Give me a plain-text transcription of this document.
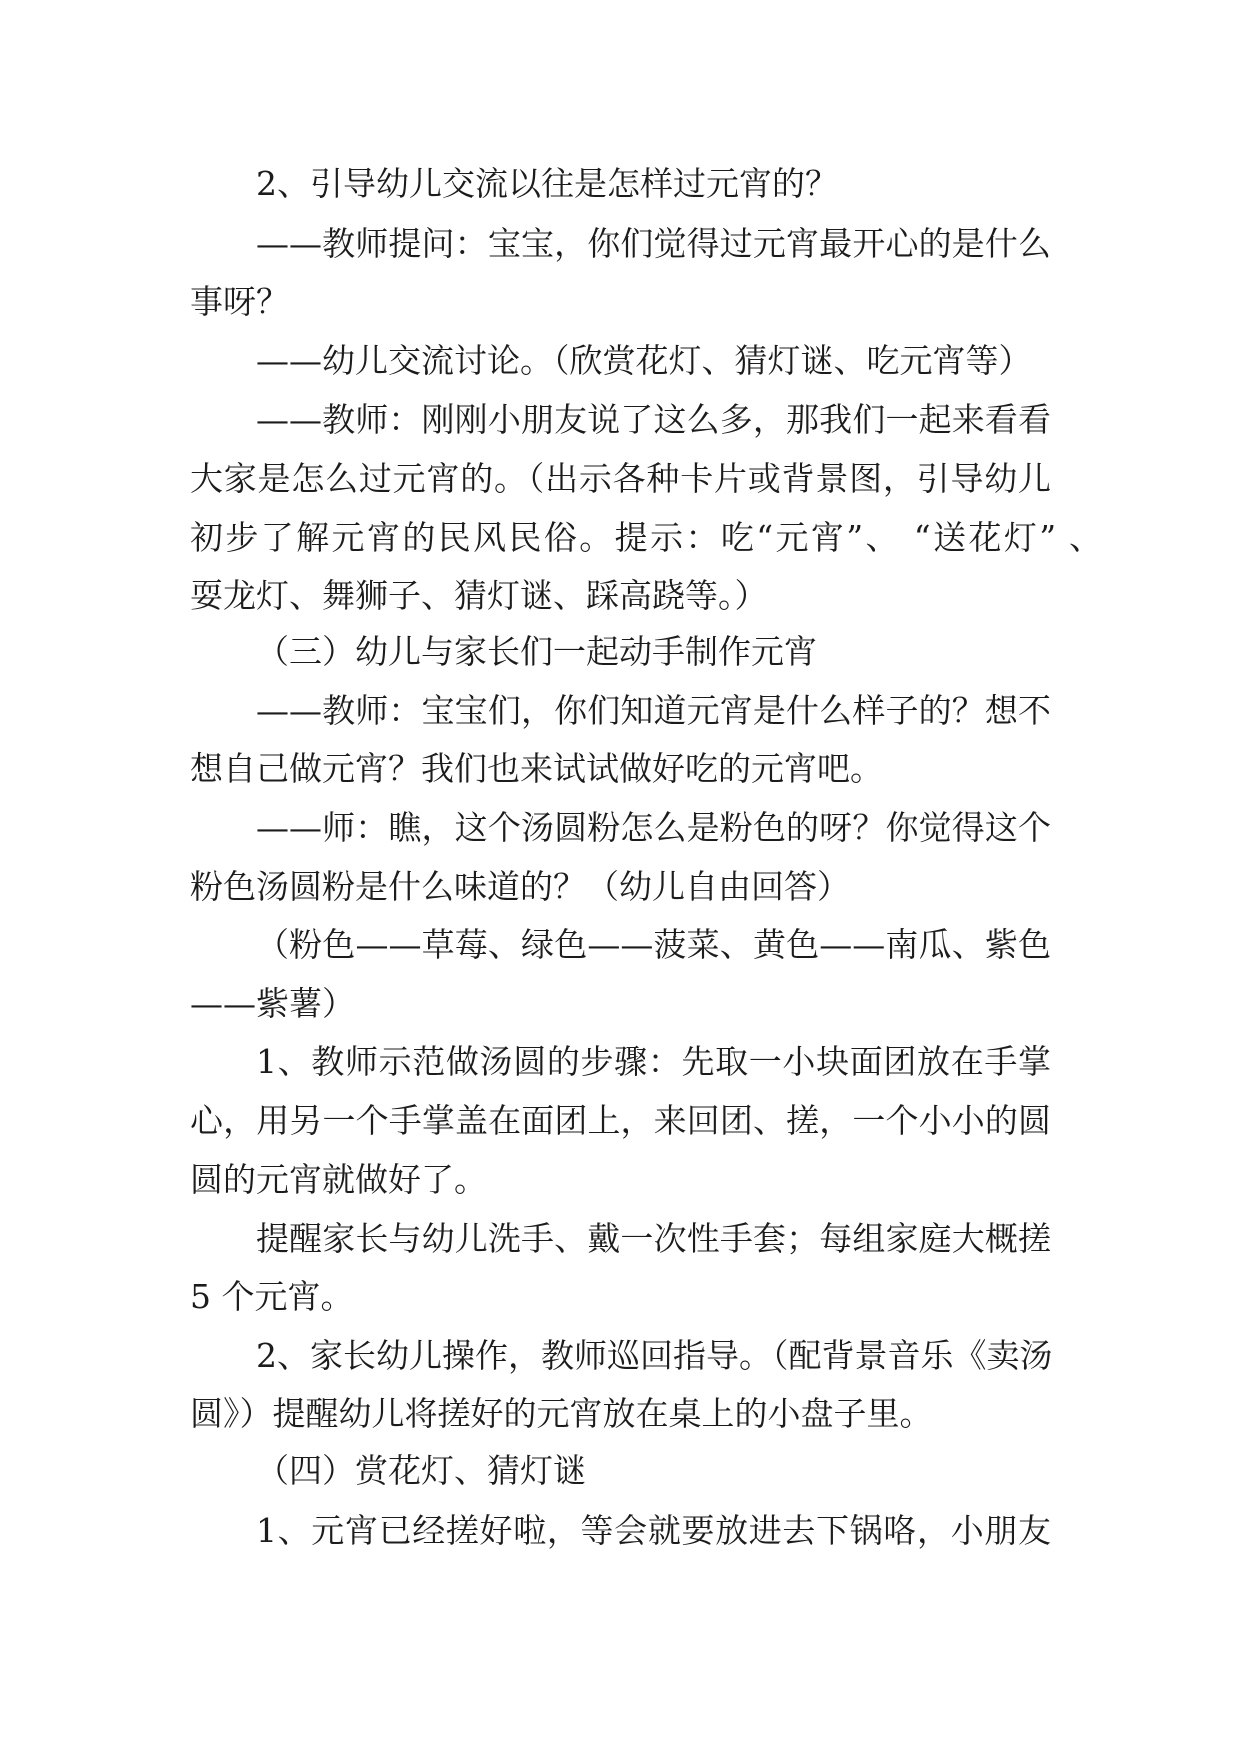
2、引导幼儿交流以往是怎样过元宵的？
——教师提问：宝宝，你们觉得过元宵最开心的是什么
事呀？
——幼儿交流讨论。（欣赏花灯、猜灯谜、吃元宵等）
——教师：刚刚小朋友说了这么多，那我们一起来看看
大家是怎么过元宵的。（出示各种卡片或背景图，引导幼儿
初步了解元宵的民风民俗。提示：吃“元宵”、 “送花灯” 、
耍龙灯、舞狮子、猜灯谜、踩高跷等。）
（三）幼儿与家长们一起动手制作元宵
——教师：宝宝们，你们知道元宵是什么样子的？想不
想自己做元宵？我们也来试试做好吃的元宵吧。
——师：瞧，这个汤圆粉怎么是粉色的呀？你觉得这个
粉色汤圆粉是什么味道的？（幼儿自由回答）
（粉色——草莓、绿色——菠菜、黄色——南瓜、紫色
——紫薯）
1、教师示范做汤圆的步骤：先取一小块面团放在手掌
心，用另一个手掌盖在面团上，来回团、搓，一个小小的圆
圆的元宵就做好了。
提醒家长与幼儿洗手、戴一次性手套；每组家庭大概搓
5 个元宵。
2、家长幼儿操作，教师巡回指导。（配背景音乐《卖汤
圆》）提醒幼儿将搓好的元宵放在桌上的小盘子里。
（四）赏花灯、猜灯谜
1、元宵已经搓好啦，等会就要放进去下锅咯，小朋友
